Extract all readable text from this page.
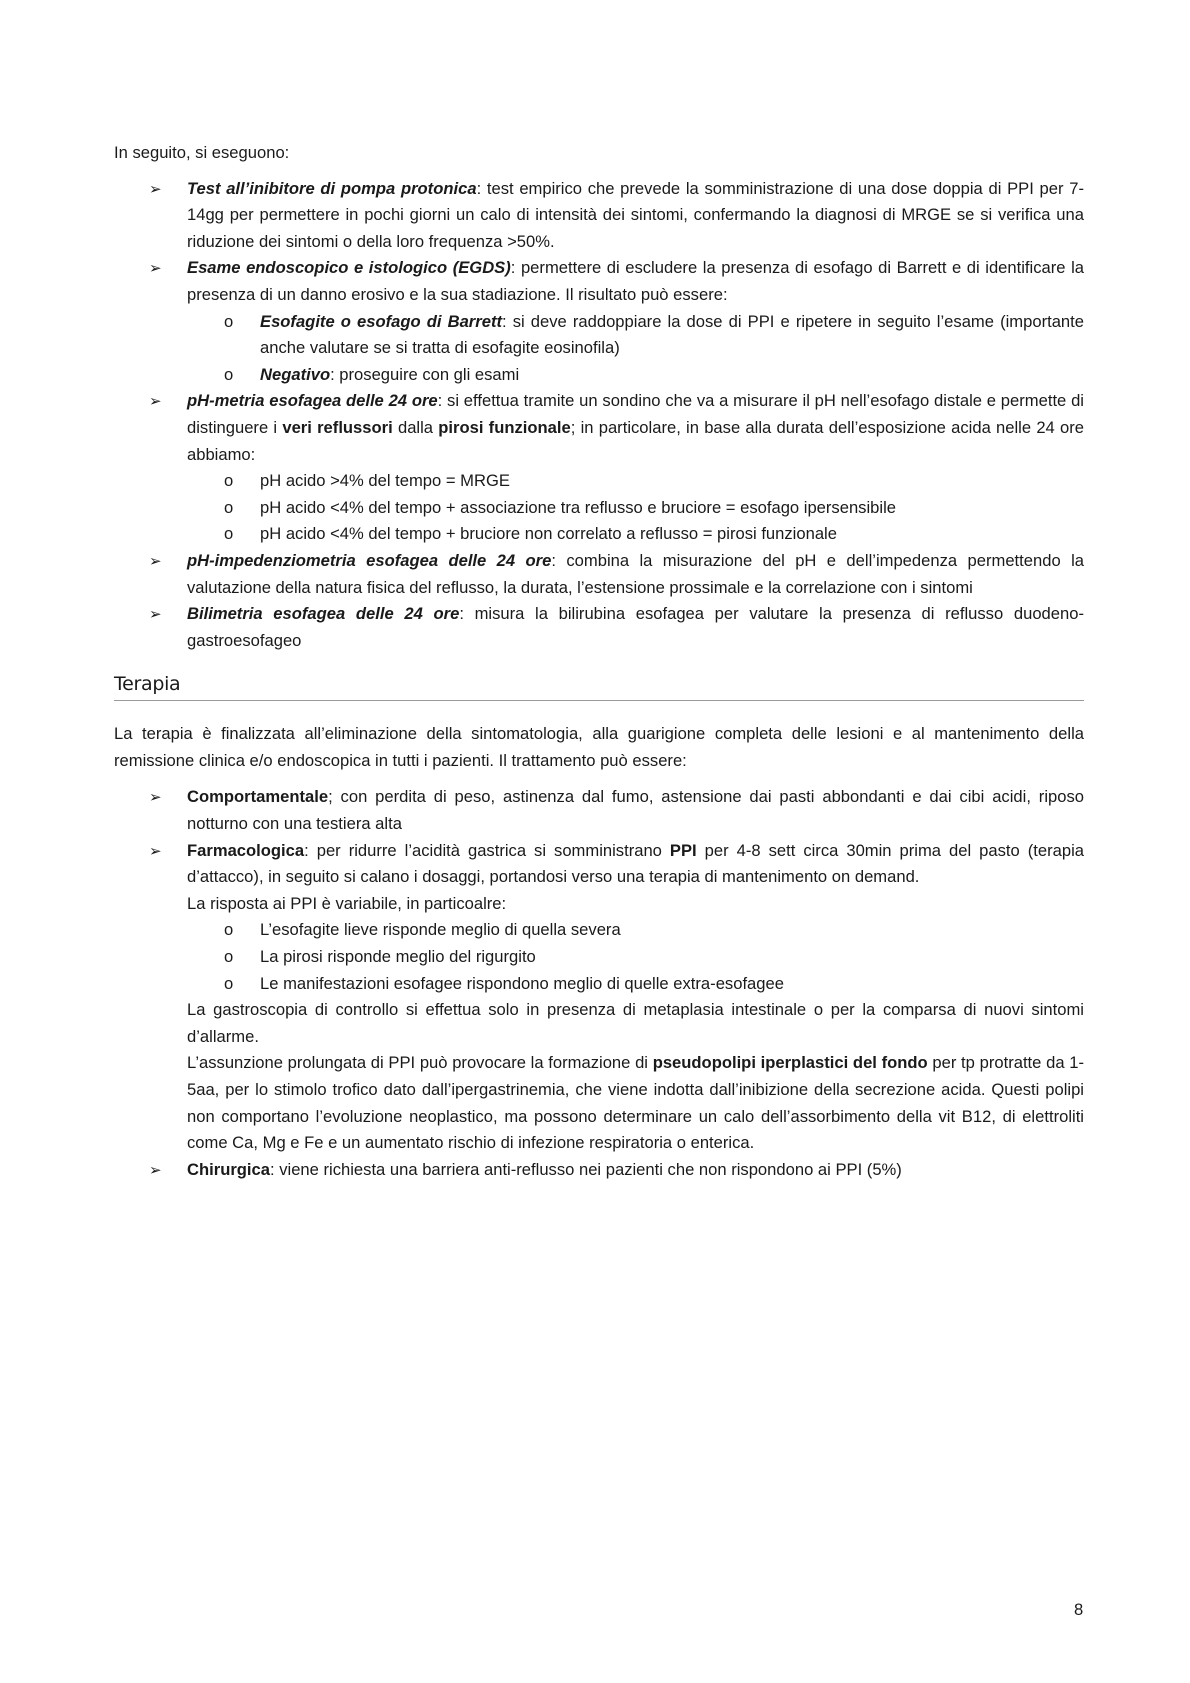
In seguito, si eseguono:

➢ Test all’inibitore di pompa protonica: test empirico che prevede la somministrazione di una dose doppia di PPI per 7-14gg per permettere in pochi giorni un calo di intensità dei sintomi, confermando la diagnosi di MRGE se si verifica una riduzione dei sintomi o della loro frequenza >50%.
➢ Esame endoscopico e istologico (EGDS): permettere di escludere la presenza di esofago di Barrett e di identificare la presenza di un danno erosivo e la sua stadiazione. Il risultato può essere:
o Esofagite o esofago di Barrett: si deve raddoppiare la dose di PPI e ripetere in seguito l’esame (importante anche valutare se si tratta di esofagite eosinofila)
o Negativo: proseguire con gli esami
➢ pH-metria esofagea delle 24 ore: si effettua tramite un sondino che va a misurare il pH nell’esofago distale e permette di distinguere i veri reflussori dalla pirosi funzionale; in particolare, in base alla durata dell’esposizione acida nelle 24 ore abbiamo:
o pH acido >4% del tempo = MRGE
o pH acido <4% del tempo + associazione tra reflusso e bruciore = esofago ipersensibile
o pH acido <4% del tempo + bruciore non correlato a reflusso = pirosi funzionale
➢ pH-impedenziometria esofagea delle 24 ore: combina la misurazione del pH e dell’impedenza permettendo la valutazione della natura fisica del reflusso, la durata, l’estensione prossimale e la correlazione con i sintomi
➢ Bilimetria esofagea delle 24 ore: misura la bilirubina esofagea per valutare la presenza di reflusso duodeno-gastroesofageo
Terapia

La terapia è finalizzata all’eliminazione della sintomatologia, alla guarigione completa delle lesioni e al mantenimento della remissione clinica e/o endoscopica in tutti i pazienti. Il trattamento può essere:

➢ Comportamentale; con perdita di peso, astinenza dal fumo, astensione dai pasti abbondanti e dai cibi acidi, riposo notturno con una testiera alta
➢ Farmacologica: per ridurre l’acidità gastrica si somministrano PPI per 4-8 sett circa 30min prima del pasto (terapia d’attacco), in seguito si calano i dosaggi, portandosi verso una terapia di mantenimento on demand.

La risposta ai PPI è variabile, in particoalre:

o L’esofagite lieve risponde meglio di quella severa
o La pirosi risponde meglio del rigurgito
o Le manifestazioni esofagee rispondono meglio di quelle extra-esofagee

La gastroscopia di controllo si effettua solo in presenza di metaplasia intestinale o per la comparsa di nuovi sintomi d’allarme.

L’assunzione prolungata di PPI può provocare la formazione di pseudopolipi iperplastici del fondo per tp protratte da 1-5aa, per lo stimolo trofico dato dall’ipergastrinemia, che viene indotta dall’inibizione della secrezione acida. Questi polipi non comportano l’evoluzione neoplastico, ma possono determinare un calo dell’assorbimento della vit B12, di elettroliti come Ca, Mg e Fe e un aumentato rischio di infezione respiratoria o enterica.

➢ Chirurgica: viene richiesta una barriera anti-reflusso nei pazienti che non rispondono ai PPI (5%)
8
